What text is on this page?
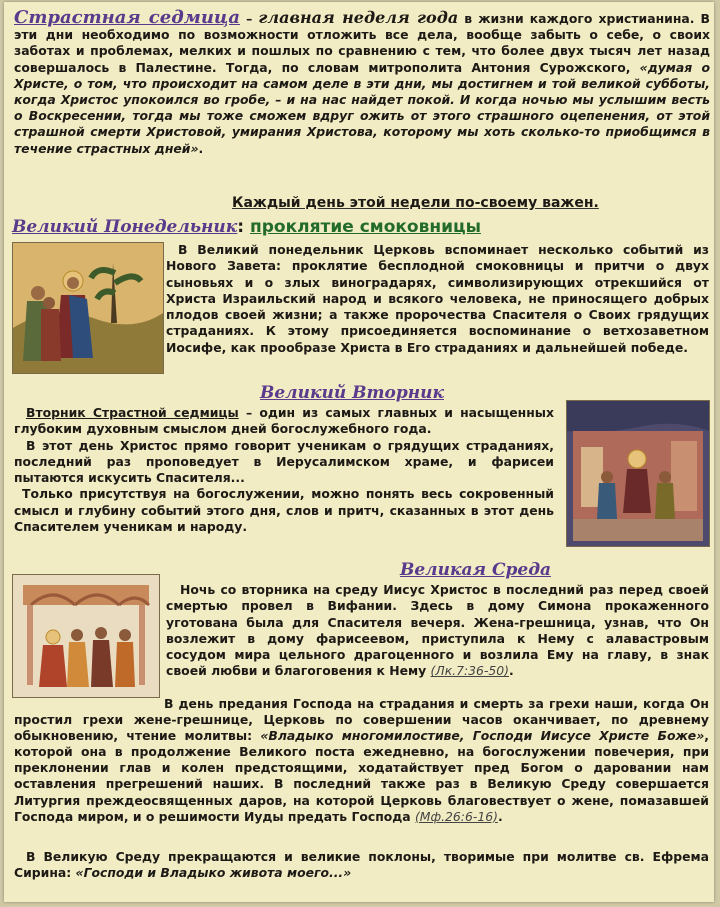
Страстная седмица – главная неделя года в жизни каждого христианина. В эти дни необходимо по возможности отложить все дела, вообще забыть о себе, о своих заботах и проблемах, мелких и пошлых по сравнению с тем, что более двух тысяч лет назад совершалось в Палестине. Тогда, по словам митрополита Антония Сурожского, «думая о Христе, о том, что происходит на самом деле в эти дни, мы достигнем и той великой субботы, когда Христос упокоился во гробе, – и на нас найдет покой. И когда ночью мы услышим весть о Воскресении, тогда мы тоже сможем вдруг ожить от этого страшного оцепенения, от этой страшной смерти Христовой, умирания Христова, которому мы хоть сколько-то приобщимся в течение страстных дней».

Каждый день этой недели по-своему важен.
Великий Понедельник: проклятие смоковницы

В Великий понедельник Церковь вспоминает несколько событий из Нового Завета: проклятие бесплодной смоковницы и притчи о двух сыновьях и о злых виноградарях, символизирующих отрекшийся от Христа Израильский народ и всякого человека, не приносящего добрых плодов своей жизни; а также пророчества Спасителя о Своих грядущих страданиях. К этому присоединяется воспоминание о ветхозаветном Иосифе, как прообразе Христа в Его страданиях и дальнейшей победе.

Великий Вторник

Вторник Страстной седмицы – один из самых главных и насыщенных глубоким духовным смыслом дней богослужебного года.
В этот день Христос прямо говорит ученикам о грядущих страданиях, последний раз проповедует в Иерусалимском храме, и фарисеи пытаются искусить Спасителя...
Только присутствуя на богослужении, можно понять весь сокровенный смысл и глубину событий этого дня, слов и притч, сказанных в этот день Спасителем ученикам и народу.

Великая Среда

Ночь со вторника на среду Иисус Христос в последний раз перед своей смертью провел в Вифании. Здесь в дому Симона прокаженного уготована была для Спасителя вечеря. Жена-грешница, узнав, что Он возлежит в дому фарисеевом, приступила к Нему с алавастровым сосудом мира цельного драгоценного и возлила Ему на главу, в знак своей любви и благоговения к Нему (Лк.7:36-50).

В день предания Господа на страдания и смерть за грехи наши, когда Он простил грехи жене-грешнице, Церковь по совершении часов оканчивает, по древнему обыкновению, чтение молитвы: «Владыко многомилостиве, Господи Иисусе Христе Боже», которой она в продолжение Великого поста ежедневно, на богослужении повечерия, при преклонении глав и колен предстоящими, ходатайствует пред Богом о даровании нам оставления прегрешений наших. В последний также раз в Великую Среду совершается Литургия преждеосвященных даров, на которой Церковь благовествует о жене, помазавшей Господа миром, и о решимости Иуды предать Господа (Мф.26:6-16).

В Великую Среду прекращаются и великие поклоны, творимые при молитве св. Ефрема Сирина: «Господи и Владыко живота моего...»
